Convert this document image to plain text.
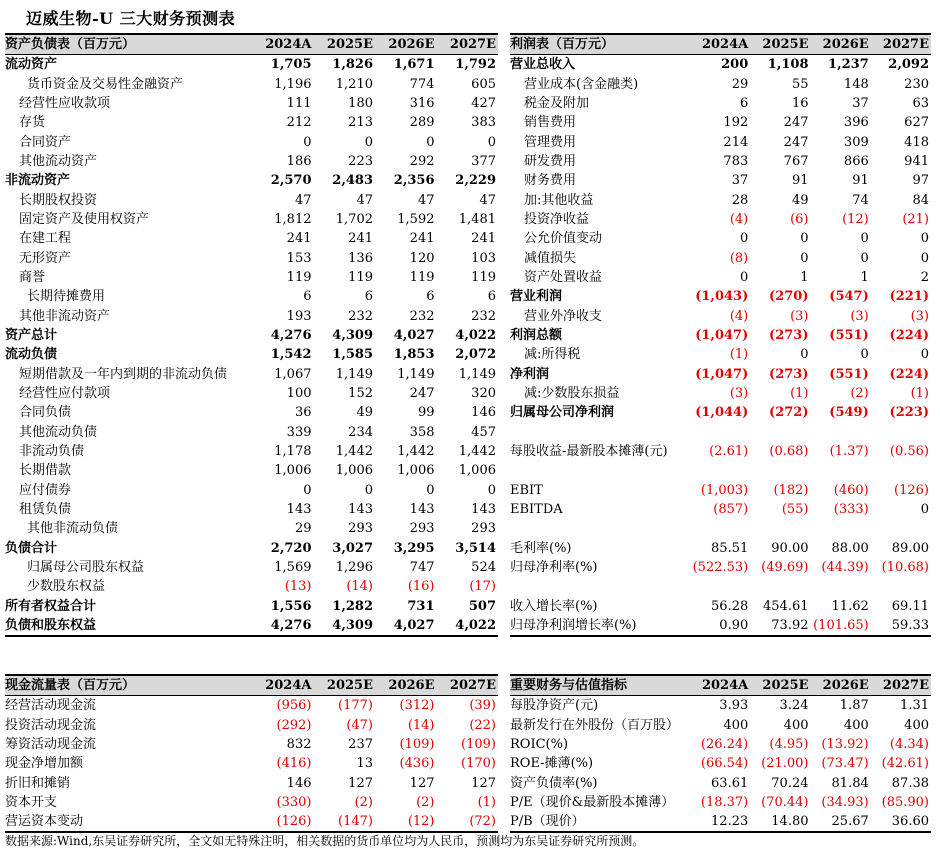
迈威生物-U 三大财务预测表
资产负债表（百万元）	2024A	2025E	2026E	2027E
流动资产	1,705	1,826	1,671	1,792
货币资金及交易性金融资产	1,196	1,210	774	605
经营性应收款项	111	180	316	427
存货	212	213	289	383
合同资产	0	0	0	0
其他流动资产	186	223	292	377
非流动资产	2,570	2,483	2,356	2,229
长期股权投资	47	47	47	47
固定资产及使用权资产	1,812	1,702	1,592	1,481
在建工程	241	241	241	241
无形资产	153	136	120	103
商誉	119	119	119	119
长期待摊费用	6	6	6	6
其他非流动资产	193	232	232	232
资产总计	4,276	4,309	4,027	4,022
流动负债	1,542	1,585	1,853	2,072
短期借款及一年内到期的非流动负债	1,067	1,149	1,149	1,149
经营性应付款项	100	152	247	320
合同负债	36	49	99	146
其他流动负债	339	234	358	457
非流动负债	1,178	1,442	1,442	1,442
长期借款	1,006	1,006	1,006	1,006
应付债券	0	0	0	0
租赁负债	143	143	143	143
其他非流动负债	29	293	293	293
负债合计	2,720	3,027	3,295	3,514
归属母公司股东权益	1,569	1,296	747	524
少数股东权益	(13)	(14)	(16)	(17)
所有者权益合计	1,556	1,282	731	507
负债和股东权益	4,276	4,309	4,027	4,022
利润表（百万元）	2024A	2025E	2026E	2027E
营业总收入	200	1,108	1,237	2,092
营业成本(含金融类)	29	55	148	230
税金及附加	6	16	37	63
销售费用	192	247	396	627
管理费用	214	247	309	418
研发费用	783	767	866	941
财务费用	37	91	91	97
加:其他收益	28	49	74	84
投资净收益	(4)	(6)	(12)	(21)
公允价值变动	0	0	0	0
减值损失	(8)	0	0	0
资产处置收益	0	1	1	2
营业利润	(1,043)	(270)	(547)	(221)
营业外净收支	(4)	(3)	(3)	(3)
利润总额	(1,047)	(273)	(551)	(224)
减:所得税	(1)	0	0	0
净利润	(1,047)	(273)	(551)	(224)
减:少数股东损益	(3)	(1)	(2)	(1)
归属母公司净利润	(1,044)	(272)	(549)	(223)

每股收益-最新股本摊薄(元)	(2.61)	(0.68)	(1.37)	(0.56)

EBIT	(1,003)	(182)	(460)	(126)
EBITDA	(857)	(55)	(333)	0

毛利率(%)	85.51	90.00	88.00	89.00
归母净利率(%)	(522.53)	(49.69)	(44.39)	(10.68)

收入增长率(%)	56.28	454.61	11.62	69.11
归母净利润增长率(%)	0.90	73.92	(101.65)	59.33
现金流量表（百万元）	2024A	2025E	2026E	2027E
经营活动现金流	(956)	(177)	(312)	(39)
投资活动现金流	(292)	(47)	(14)	(22)
筹资活动现金流	832	237	(109)	(109)
现金净增加额	(416)	13	(436)	(170)
折旧和摊销	146	127	127	127
资本开支	(330)	(2)	(2)	(1)
营运资本变动	(126)	(147)	(12)	(72)
重要财务与估值指标	2024A	2025E	2026E	2027E
每股净资产(元)	3.93	3.24	1.87	1.31
最新发行在外股份（百万股）	400	400	400	400
ROIC(%)	(26.24)	(4.95)	(13.92)	(4.34)
ROE-摊薄(%)	(66.54)	(21.00)	(73.47)	(42.61)
资产负债率(%)	63.61	70.24	81.84	87.38
P/E（现价&最新股本摊薄）	(18.37)	(70.44)	(34.93)	(85.90)
P/B（现价）	12.23	14.80	25.67	36.60
数据来源:Wind,东吴证券研究所，全文如无特殊注明，相关数据的货币单位均为人民币，预测均为东吴证券研究所预测。
